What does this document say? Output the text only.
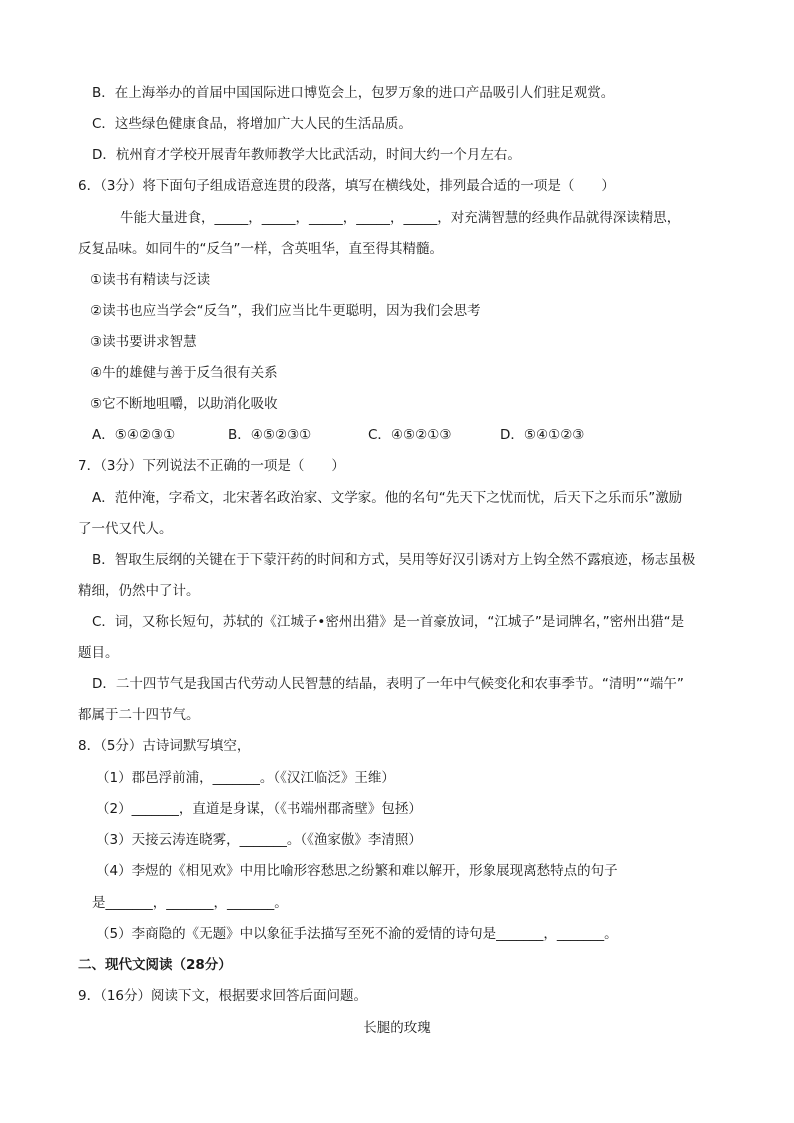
B．在上海举办的首届中国国际进口博览会上，包罗万象的进口产品吸引人们驻足观赏。
C．这些绿色健康食品，将增加广大人民的生活品质。
D．杭州育才学校开展青年教师教学大比武活动，时间大约一个月左右。
6．（3分）将下面句子组成语意连贯的段落，填写在横线处，排列最合适的一项是（　　）
牛能大量进食，_____，_____，_____，_____，_____，对充满智慧的经典作品就得深读精思，
反复品味。如同牛的“反刍”一样，含英咀华，直至得其精髓。
①读书有精读与泛读
②读书也应当学会“反刍”，我们应当比牛更聪明，因为我们会思考
③读书要讲求智慧
④牛的雄健与善于反刍很有关系
⑤它不断地咀嚼，以助消化吸收
A．⑤④②③①	B．④⑤②③①	C．④⑤②①③	D．⑤④①②③
7．（3分）下列说法不正确的一项是（　　）
A．范仲淹，字希文，北宋著名政治家、文学家。他的名句“先天下之忧而忧，后天下之乐而乐”激励
了一代又代人。
B．智取生辰纲的关键在于下蒙汗药的时间和方式，吴用等好汉引诱对方上钩全然不露痕迹，杨志虽极
精细，仍然中了计。
C．词，又称长短句，苏轼的《江城子•密州出猎》是一首豪放词，“江城子”是词牌名，”密州出猎“是
题目。
D．二十四节气是我国古代劳动人民智慧的结晶，表明了一年中气候变化和农事季节。“清明”“端午”
都属于二十四节气。
8．（5分）古诗词默写填空，
（1）郡邑浮前浦，_______。（《汉江临泛》王维）
（2）_______，直道是身谋，（《书端州郡斋壁》包拯）
（3）天接云涛连晓雾，_______。（《渔家傲》李清照）
（4）李煜的《相见欢》中用比喻形容愁思之纷繁和难以解开，形象展现离愁特点的句子
是_______，_______，_______。
（5）李商隐的《无题》中以象征手法描写至死不渝的爱情的诗句是_______，_______。
二、现代文阅读（28分）
9．（16分）阅读下文，根据要求回答后面问题。
长腿的玫瑰
